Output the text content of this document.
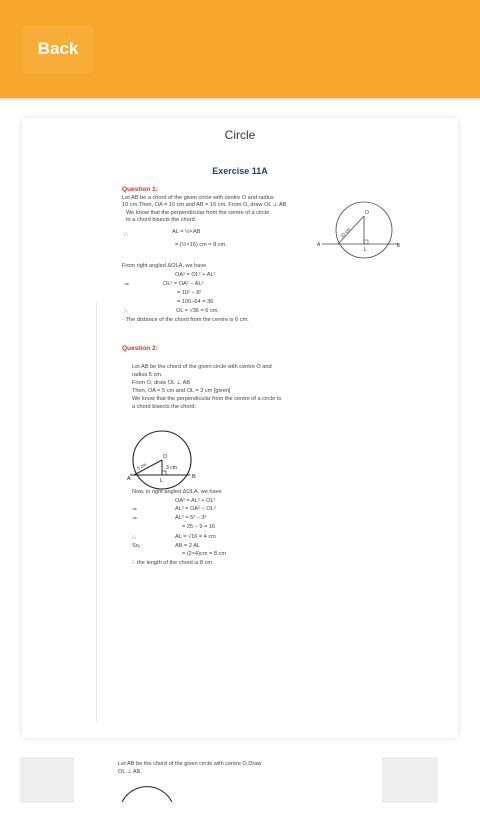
Back
Circle
Exercise 11A
Question 1:
Let AB be a chord of the given circle with centre O and radius
10 cm.Then, OA = 10 cm and AB = 16 cm. From O, draw OL ⊥ AB
We know that the perpendicular from the centre of a circle
to a chord bisects the chord.
∴	AL = ½×AB
= (½×16) cm = 8 cm.
From right angled ΔOLA, we have
OA² = OL² + AL²
⇒	OL² = OA² − AL²
= 10² − 8²
= 100−64 = 36
∴	OL = √36 = 6 cm.
∴The distance of the chord from the centre is 6 cm.
A	B
O
L
10 cm
Question 2:
Let AB be the chord of the given circle with centre O and
radius 5 cm.
From O, draw OL ⊥ AB
Then, OA = 5 cm and OL = 3 cm [given]
We know that the perpendicular from the centre of a circle to
a chord bisects the chord.
A	B
O
L
3 cm
5 cm
Now, in right angled ΔOLA, we have
OA² = AL² + OL²
⇒	AL² = OA² − OL²
⇒	AL² = 5² − 3²
= 25 − 9 = 16
∴	AL = √16 = 4 cm
So,	AB = 2 AL
= (2×4)cm = 8 cm
∴ the length of the chord is 8 cm.
Let AB be the chord of the given circle with centre O.Draw
OL ⊥ AB.
